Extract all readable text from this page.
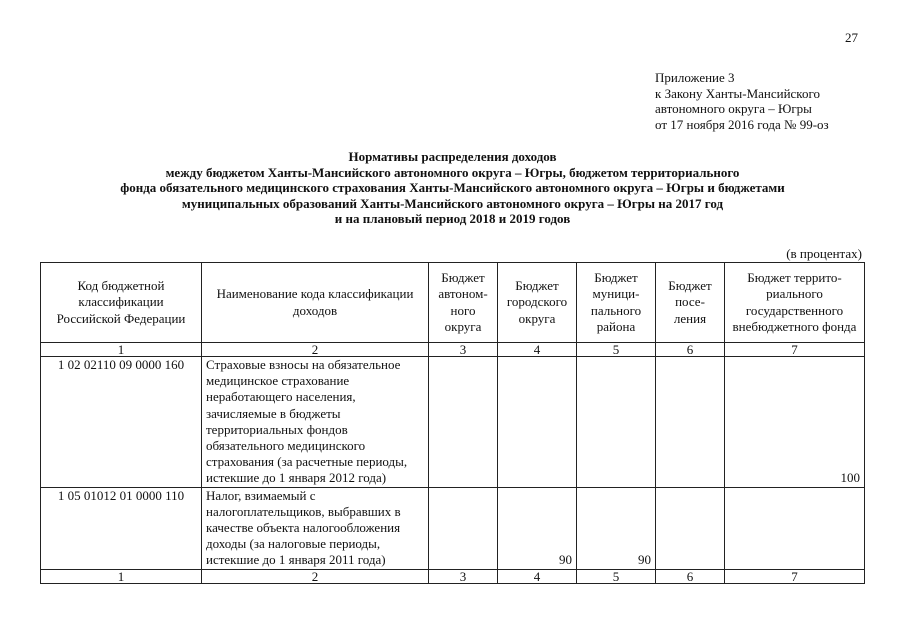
27
Приложение 3
к Закону Ханты-Мансийского
автономного округа – Югры
от 17 ноября 2016 года № 99-оз
Нормативы распределения доходов
между бюджетом Ханты-Мансийского автономного округа – Югры, бюджетом территориального
фонда обязательного медицинского страхования Ханты-Мансийского автономного округа – Югры и бюджетами
муниципальных образований Ханты-Мансийского автономного округа – Югры на 2017 год
и на плановый период 2018 и 2019 годов
(в процентах)
Код бюджетной классификации Российской Федерации	Наименование кода классификации доходов	Бюджет автоном-ного округа	Бюджет городского округа	Бюджет муници-пального района	Бюджет посе-ления	Бюджет террито-риального государственного внебюджетного фонда
1	2	3	4	5	6	7
1 02 02110 09 0000 160	Страховые взносы на обязательное медицинское страхование неработающего населения, зачисляемые в бюджеты территориальных фондов обязательного медицинского страхования (за расчетные периоды, истекшие до 1 января 2012 года)					100
1 05 01012 01 0000 110	Налог, взимаемый с налогоплательщиков, выбравших в качестве объекта налогообложения доходы (за налоговые периоды, истекшие до 1 января 2011 года)		90	90		
1	2	3	4	5	6	7
